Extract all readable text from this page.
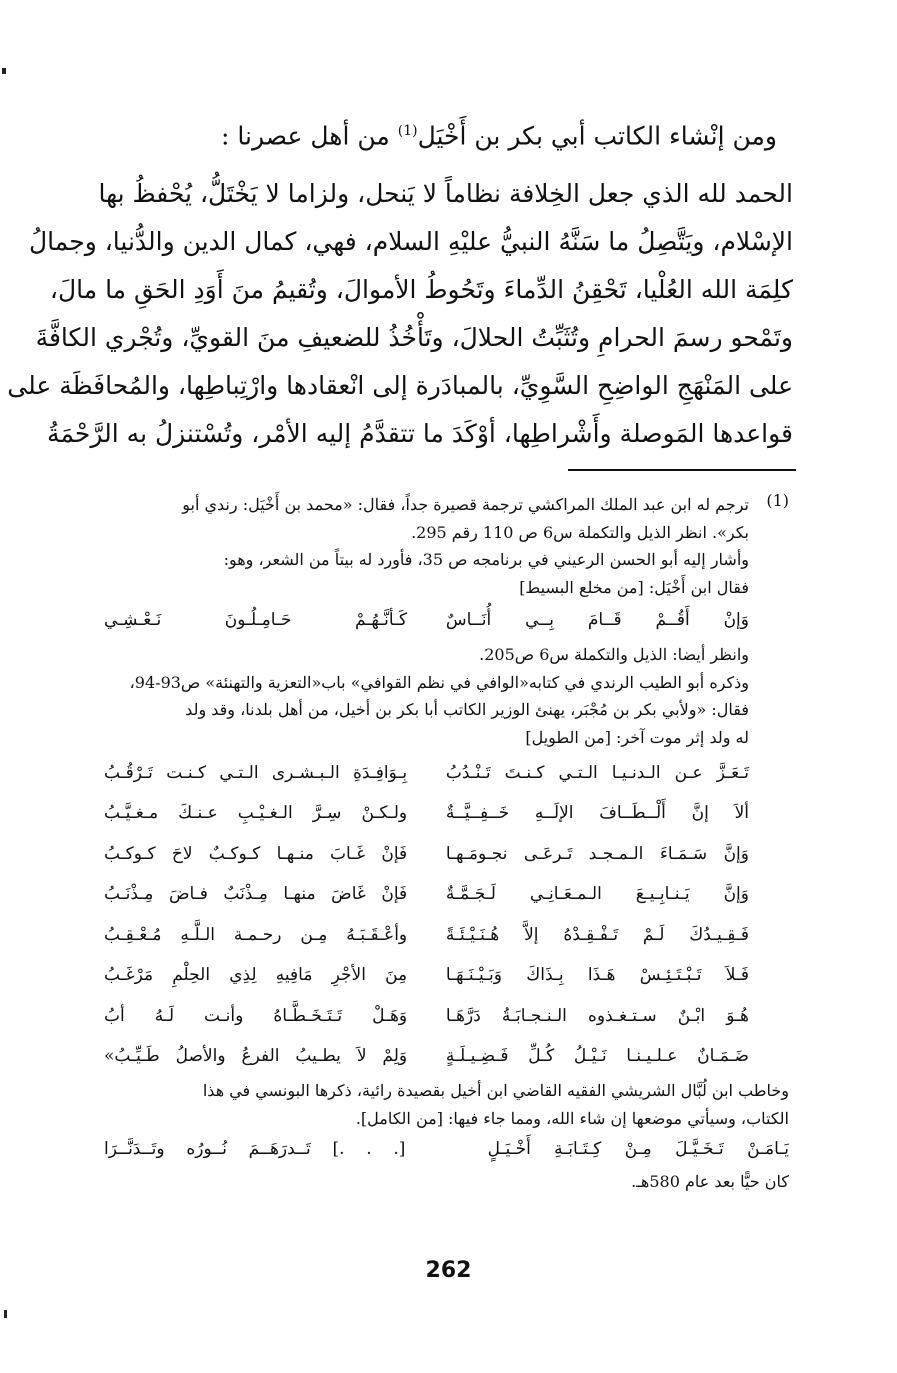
ومن إنْشاء الكاتب أبي بكر بن أَخْيَل$^{(1)}$ من أهل عصرنا :
الحمد لله الذي جعل الخِلافة نظاماً لا يَنحل، ولزاما لا يَخْتَلُّ، يُحْفظُ بها
الإسْلام، ويَتَّصِلُ ما سَنَّهُ النبيُّ عليْهِ السلام، فهي، كمال الدين والدُّنيا، وجمالُ
كلِمَة الله العُلْيا، تَحْقِنُ الدِّماءَ وتَحُوطُ الأموالَ، وتُقيمُ منَ أَوَدِ الحَقِ ما مالَ،
وتَمْحو رسمَ الحرامِ وتُثَبِّتُ الحلالَ، وتَأْخُذُ للضعيفِ منَ القويِّ، وتُجْري الكافَّةَ
على المَنْهَجِ الواضِحِ السَّوِيِّ، بالمبادَرة إلى انْعقادها وارْتِباطِها، والمُحافَظَة على
قواعدها المَوصلة وأَشْراطِها، أوْكَدَ ما تتقدَّمُ إليه الأمْر، وتُسْتنزلُ به الرَّحْمَةُ
(1)
ترجم له ابن عبد الملك المراكشي ترجمة قصيرة جداً، فقال: «محمد بن أَخْيَل: رندي أبو
بكر». انظر الذيل والتكملة س6 ص 110 رقم 295.
وأشار إليه أبو الحسن الرعيني في برنامجه ص 35، فأورد له بيتاً من الشعر، وهو:
فقال ابن أَخْيَل: [من مخلع البسيط]
وَإنْ أَقُــمْ قَــامَ بِــي أُنَــاسٌ
كَـأنَّـهُـمْ حَـامِـلُـونَ نَـعْـشِـي
وانظر أيضا: الذيل والتكملة س6 ص205.
وذكره أبو الطيب الرندي في كتابه«الوافي في نظم القوافي» باب«التعزية والتهنئة» ص93-94،
فقال: «ولأبي بكر بن مُجْبَر، يهنئ الوزير الكاتب أبا بكر بن أخيل، من أهل بلدنا، وقد ولد
له ولد إثر موت آخر: [من الطويل]
تَـعَـزَّ عـن الـدنـيـا الـتـي كـنـتَ تَـنْـدُبُ
بِـوَافِـدَةِ الـبـشـرى الـتـي كـنـت تَـرْقُـبُ
ألاَ إنَّ أَلْــطَــافَ الإلَــهِ خَــفِــيَّــةٌ
ولـكـنْ سِـرَّ الـغـيْـبِ عـنـكَ مـغـيَّـبُ
وَإنَّ سَـمَـاءَ الـمـجـد تَـرعَـى نجـومَـهـا
فَإنْ غَـابَ منـهـا كـوكـبٌ لاحَ كـوكـبُ
وَإنَّ يَـنـابِـيـعَ الـمـعَـانِـي لَـجَـمَّـةٌ
فَإنْ غَاضَ منهـا مِـذْنَبٌ فـاضَ مِـذْنَـبُ
فَـقِـيـدُكَ لَـمْ تَـفْـقِـدْهُ إلاَّ هُـنَـيْـئَـةً
وأعْـقَـبَـهُ مِـن رحـمـة الـلَّـهِ مُـعْـقِـبُ
فَـلاَ تَـبْـتَـئِـسْ هَـذَا بِـذَاكَ وَبَـيْـنَـهَـا
مِنَ الأجْرِ مَافِيهِ لِذِي الحِلْمِ مَرْغَـبُ
هُـوَ ابْـنٌ سـتـغـذوه الـنـجـابَـةُ دَرَّهَـا
وَهَـلْ تَـتَـخَـطَّـاهُ وأنـت لَـهُ أبُ
ضَـمَـانٌ عـلـيـنـا نَـيْـلُ كُـلِّ فَـضِـيـلَـةٍ
وَلِمْ لاَ يطـيبُ الفرعُ والأصلُ طَـيِّـبُ»
وخاطب ابن لُبَّال الشريشي الفقيه القاضي ابن أخيل بقصيدة رائية، ذكرها البونسي في هذا
الكتاب، وسيأتي موضعها إن شاء الله، ومما جاء فيها: [من الكامل].
يَـامَـنْ تَـخَـيَّـلَ مِـنْ كِـتَـابَـةِ أَخْـيَـلٍ
[. . .] تَــدرَهَــمَ نُــورُه وتَــدَنَّــرَا
كان حيًّا بعد عام 580هـ.
262
